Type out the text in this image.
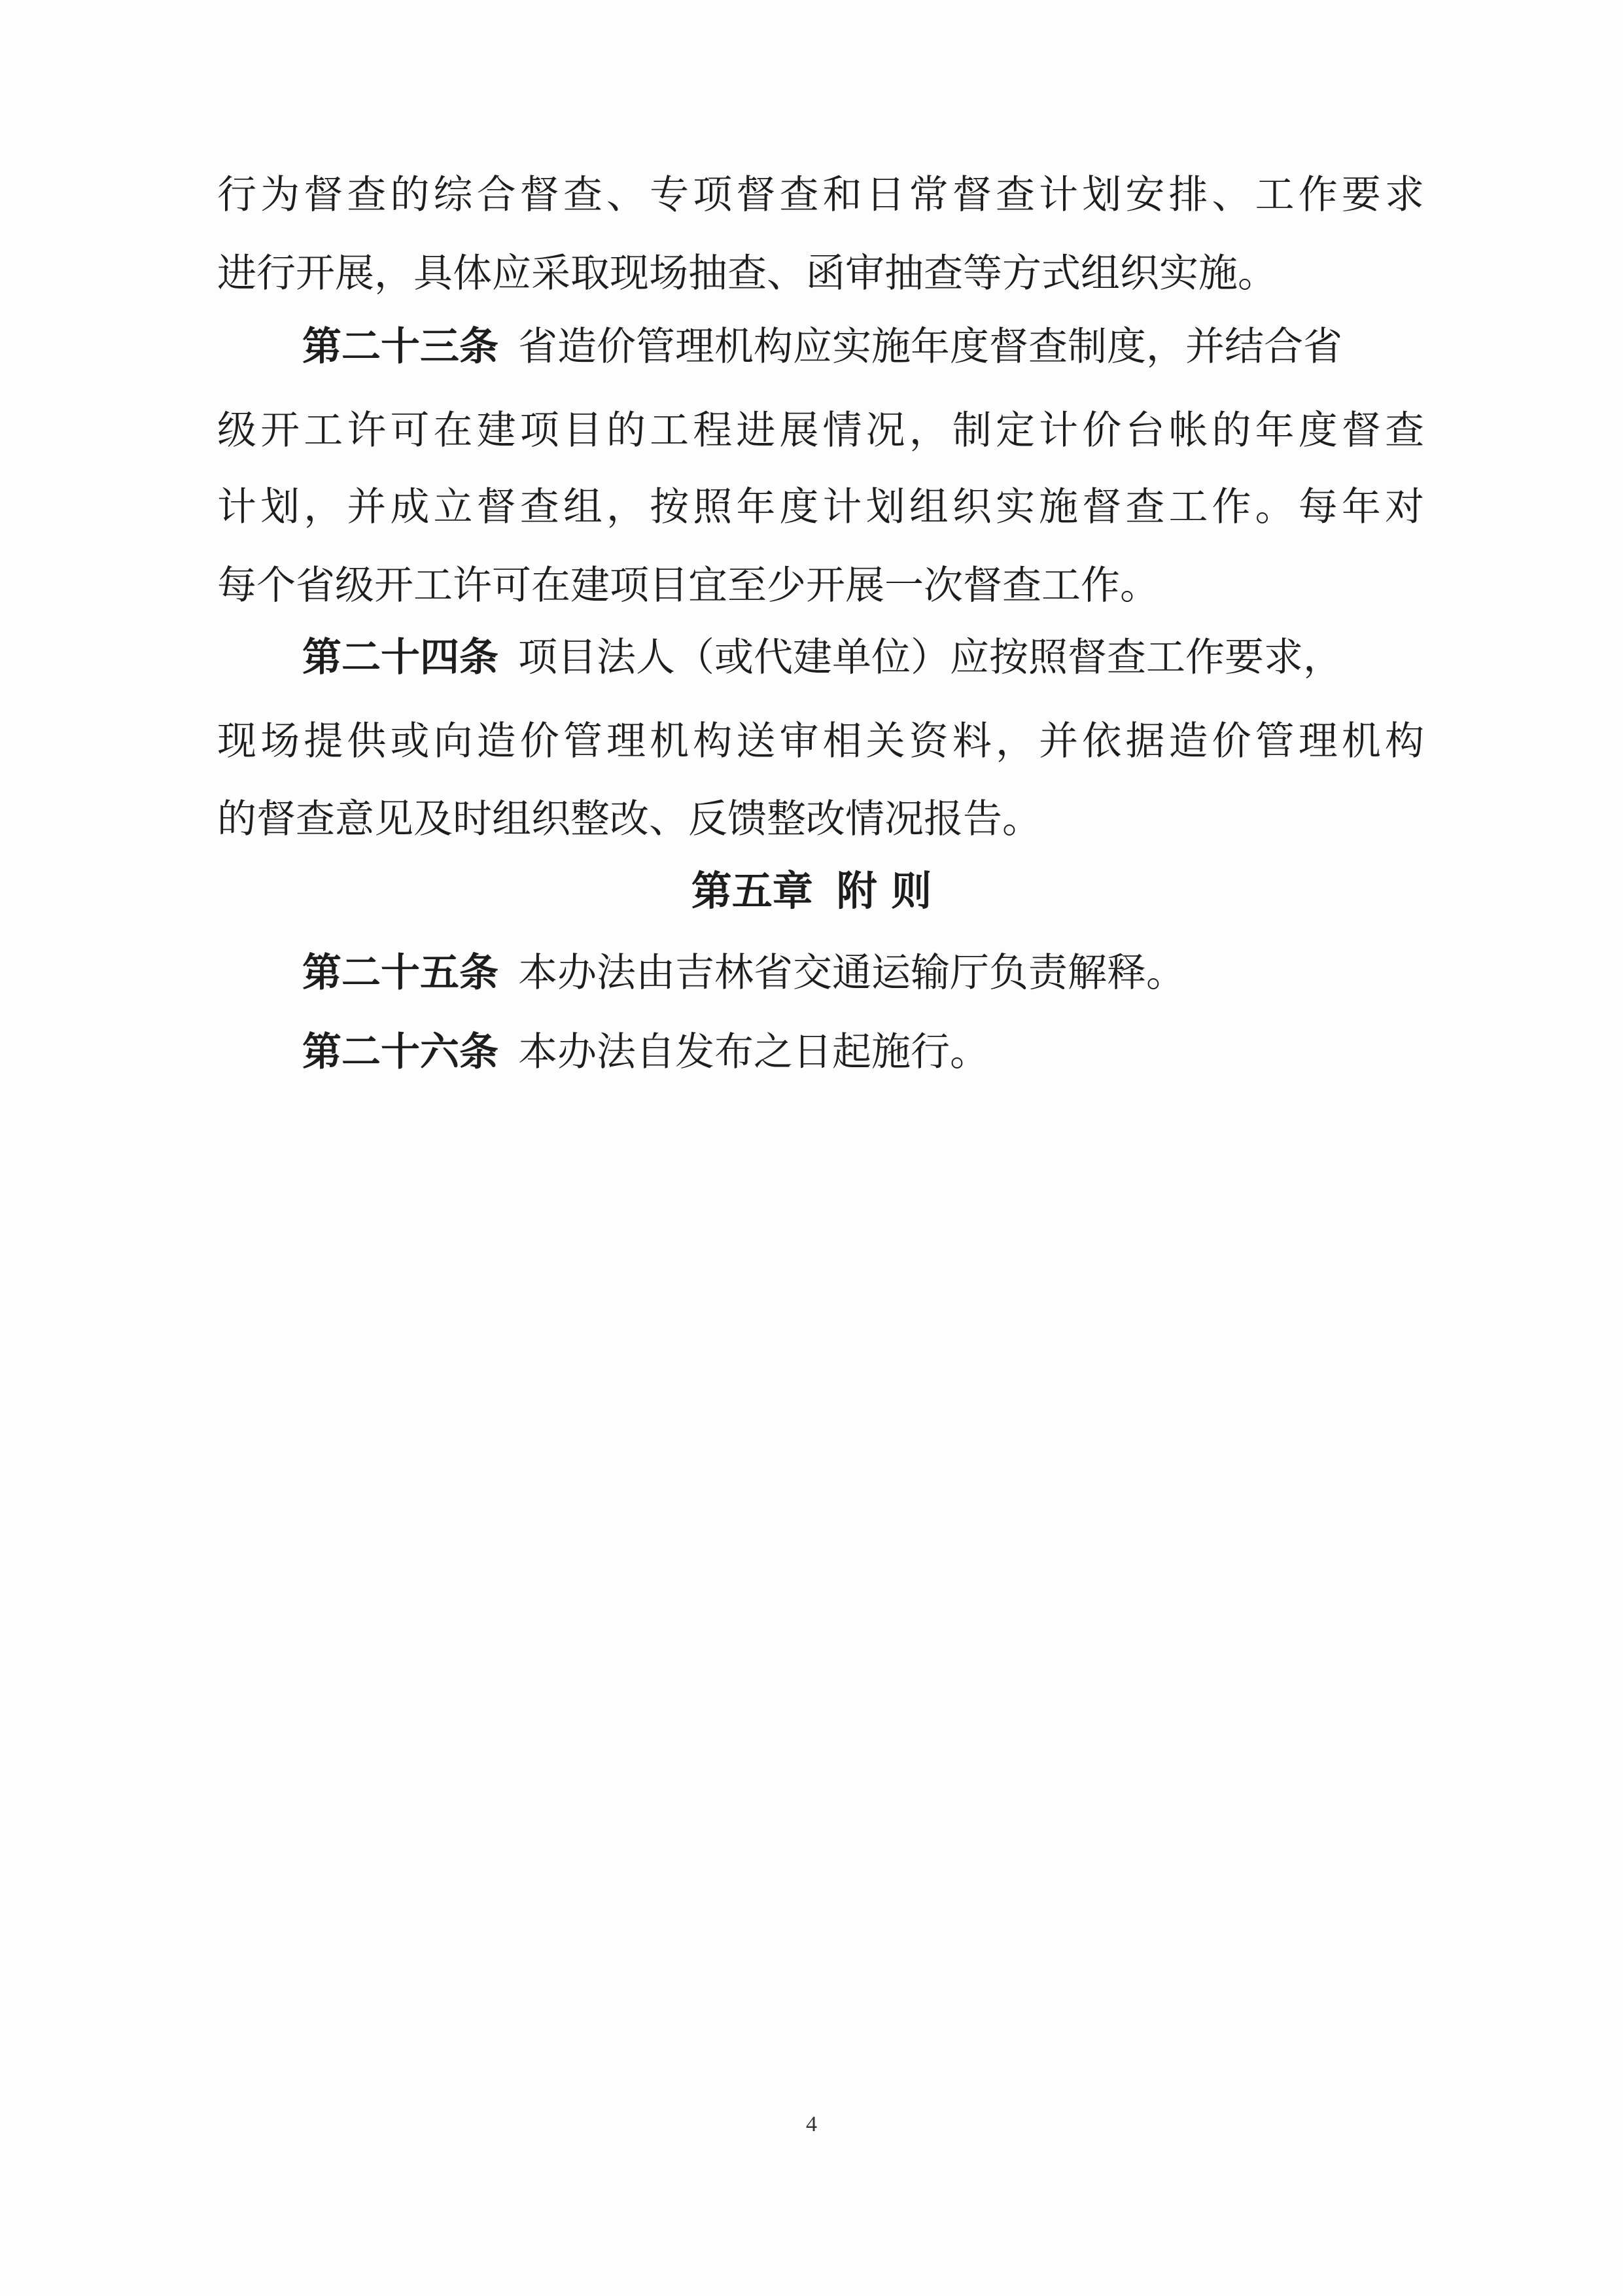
行为督查的综合督查、专项督查和日常督查计划安排、工作要求

进行开展，具体应采取现场抽查、函审抽查等方式组织实施。

第二十三条 省造价管理机构应实施年度督查制度，并结合省

级开工许可在建项目的工程进展情况，制定计价台帐的年度督查

计划，并成立督查组，按照年度计划组织实施督查工作。每年对

每个省级开工许可在建项目宜至少开展一次督查工作。

第二十四条 项目法人（或代建单位）应按照督查工作要求，

现场提供或向造价管理机构送审相关资料，并依据造价管理机构

的督查意见及时组织整改、反馈整改情况报告。

第五章 附 则

第二十五条 本办法由吉林省交通运输厅负责解释。

第二十六条 本办法自发布之日起施行。

4
